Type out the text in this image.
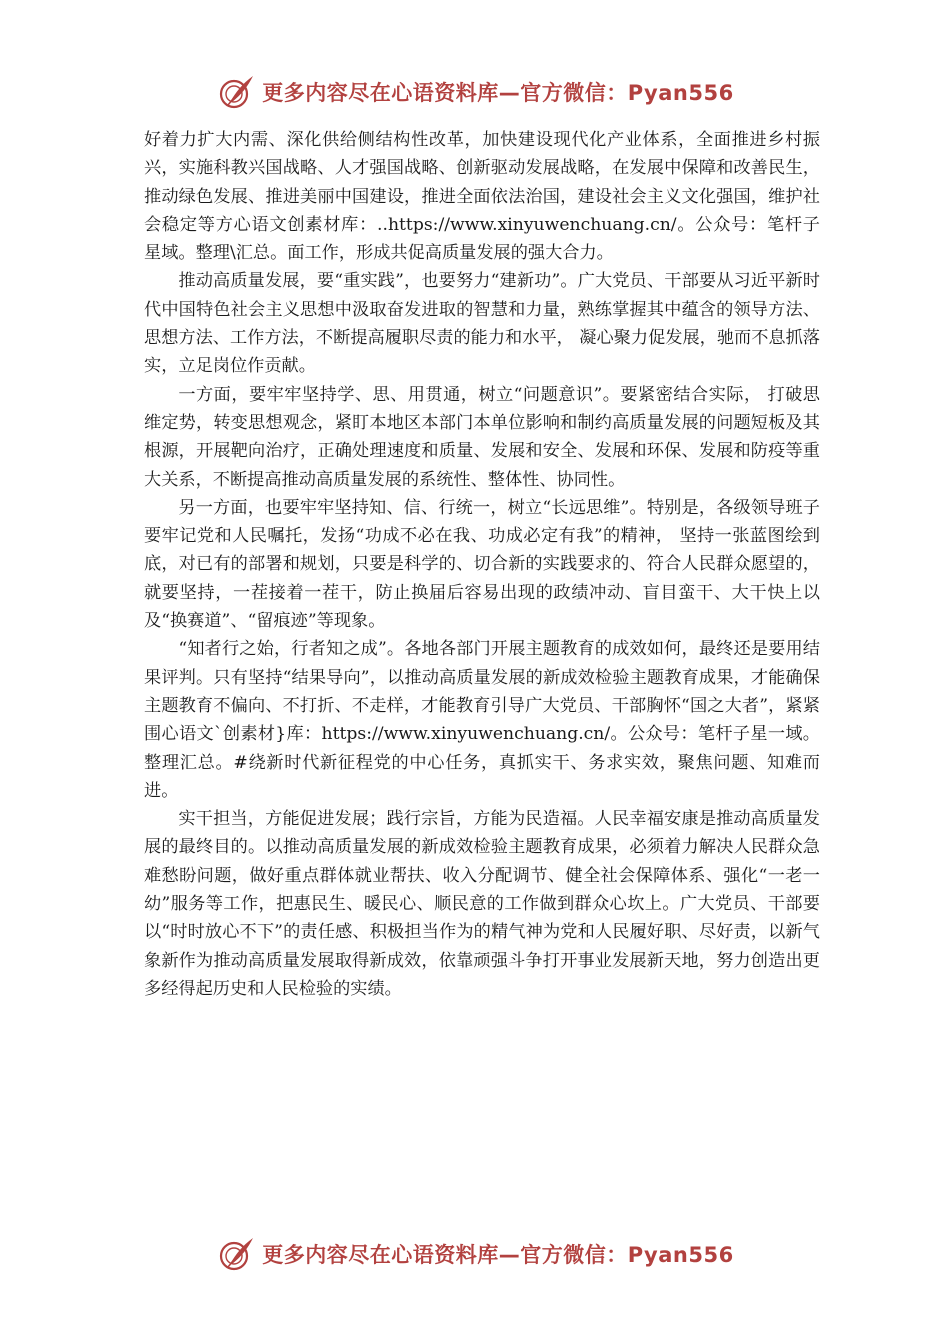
更多内容尽在心语资料库—官方微信：Pyan556

好着力扩大内需、深化供给侧结构性改革，加快建设现代化产业体系，全面推进乡村振兴，实施科教兴国战略、人才强国战略、创新驱动发展战略，在发展中保障和改善民生，推动绿色发展、推进美丽中国建设，推进全面依法治国，建设社会主义文化强国，维护社会稳定等方心语文创素材库：..https://www.xinyuwenchuang.cn/。公众号：笔杆子星域。整理\汇总。面工作，形成共促高质量发展的强大合力。

推动高质量发展，要“重实践”，也要努力“建新功”。广大党员、干部要从习近平新时代中国特色社会主义思想中汲取奋发进取的智慧和力量，熟练掌握其中蕴含的领导方法、思想方法、工作方法，不断提高履职尽责的能力和水平， 凝心聚力促发展，驰而不息抓落实，立足岗位作贡献。

一方面，要牢牢坚持学、思、用贯通，树立“问题意识”。要紧密结合实际， 打破思维定势，转变思想观念，紧盯本地区本部门本单位影响和制约高质量发展的问题短板及其根源，开展靶向治疗，正确处理速度和质量、发展和安全、发展和环保、发展和防疫等重大关系，不断提高推动高质量发展的系统性、整体性、协同性。

另一方面，也要牢牢坚持知、信、行统一，树立“长远思维”。特别是，各级领导班子要牢记党和人民嘱托，发扬“功成不必在我、功成必定有我”的精神， 坚持一张蓝图绘到底，对已有的部署和规划，只要是科学的、切合新的实践要求的、符合人民群众愿望的，就要坚持，一茬接着一茬干，防止换届后容易出现的政绩冲动、盲目蛮干、大干快上以及“换赛道”、“留痕迹”等现象。

“知者行之始，行者知之成”。各地各部门开展主题教育的成效如何，最终还是要用结果评判。只有坚持“结果导向”，以推动高质量发展的新成效检验主题教育成果，才能确保主题教育不偏向、不打折、不走样，才能教育引导广大党员、干部胸怀“国之大者”，紧紧围心语文`创素材}库：https://www.xinyuwenchuang.cn/。公众号：笔杆子星一域。整理汇总。#绕新时代新征程党的中心任务，真抓实干、务求实效，聚焦问题、知难而进。

实干担当，方能促进发展；践行宗旨，方能为民造福。人民幸福安康是推动高质量发展的最终目的。以推动高质量发展的新成效检验主题教育成果，必须着力解决人民群众急难愁盼问题，做好重点群体就业帮扶、收入分配调节、健全社会保障体系、强化“一老一幼”服务等工作，把惠民生、暖民心、顺民意的工作做到群众心坎上。广大党员、干部要以“时时放心不下”的责任感、积极担当作为的精气神为党和人民履好职、尽好责，以新气象新作为推动高质量发展取得新成效，依靠顽强斗争打开事业发展新天地，努力创造出更多经得起历史和人民检验的实绩。

更多内容尽在心语资料库—官方微信：Pyan556
